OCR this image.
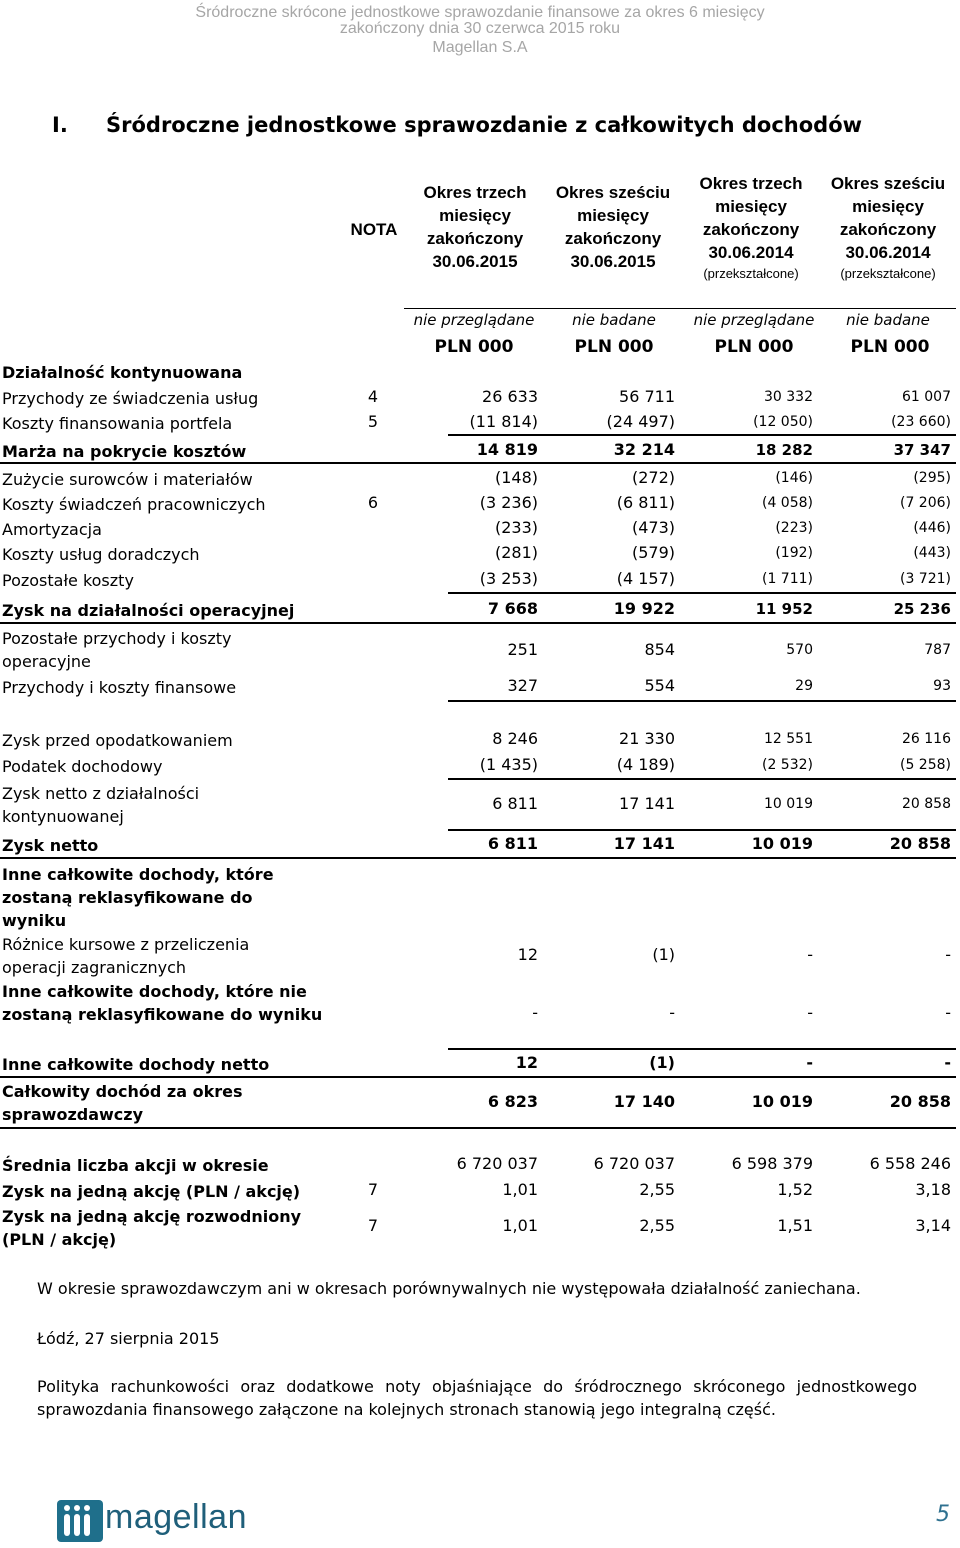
Śródroczne skrócone jednostkowe sprawozdanie finansowe za okres 6 miesięcy
zakończony dnia 30 czerwca 2015 roku
Magellan S.A
I. Śródroczne jednostkowe sprawozdanie z całkowitych dochodów
NOTA
Okres trzech miesięcy zakończony 30.06.2015
Okres sześciu miesięcy zakończony 30.06.2015
Okres trzech miesięcy zakończony 30.06.2014
(przekształcone)
Okres sześciu miesięcy zakończony 30.06.2014
(przekształcone)
nie przeglądane	nie badane	nie przeglądane	nie badane
PLN 000	PLN 000	PLN 000	PLN 000
Działalność kontynuowana
Przychody ze świadczenia usług	4	26 633	56 711	30 332	61 007
Koszty finansowania portfela	5	(11 814)	(24 497)	(12 050)	(23 660)
Marża na pokrycie kosztów	14 819	32 214	18 282	37 347
Zużycie surowców i materiałów	(148)	(272)	(146)	(295)
Koszty świadczeń pracowniczych	6	(3 236)	(6 811)	(4 058)	(7 206)
Amortyzacja	(233)	(473)	(223)	(446)
Koszty usług doradczych	(281)	(579)	(192)	(443)
Pozostałe koszty	(3 253)	(4 157)	(1 711)	(3 721)
Zysk na działalności operacyjnej	7 668	19 922	11 952	25 236
Pozostałe przychody i koszty operacyjne
251	854	570	787
Przychody i koszty finansowe	327	554	29	93
Zysk przed opodatkowaniem	8 246	21 330	12 551	26 116
Podatek dochodowy	(1 435)	(4 189)	(2 532)	(5 258)
Zysk netto z działalności kontynuowanej
6 811	17 141	10 019	20 858
Zysk netto	6 811	17 141	10 019	20 858
Inne całkowite dochody, które zostaną reklasyfikowane do wyniku
Różnice kursowe z przeliczenia operacji zagranicznych
12	(1)	-	-
Inne całkowite dochody, które nie zostaną reklasyfikowane do wyniku	-	-	-	-
Inne całkowite dochody netto	12	(1)	-	-
Całkowity dochód za okres sprawozdawczy
6 823	17 140	10 019	20 858
Średnia liczba akcji w okresie	6 720 037	6 720 037	6 598 379	6 558 246
Zysk na jedną akcję (PLN / akcję)	7	1,01	2,55	1,52	3,18
Zysk na jedną akcję rozwodniony (PLN / akcję)
7	1,01	2,55	1,51	3,14
W okresie sprawozdawczym ani w okresach porównywalnych nie występowała działalność zaniechana.
Łódź, 27 sierpnia 2015
Polityka rachunkowości oraz dodatkowe noty objaśniające do śródrocznego skróconego jednostkowego sprawozdania finansowego załączone na kolejnych stronach stanowią jego integralną część.
magellan	5
